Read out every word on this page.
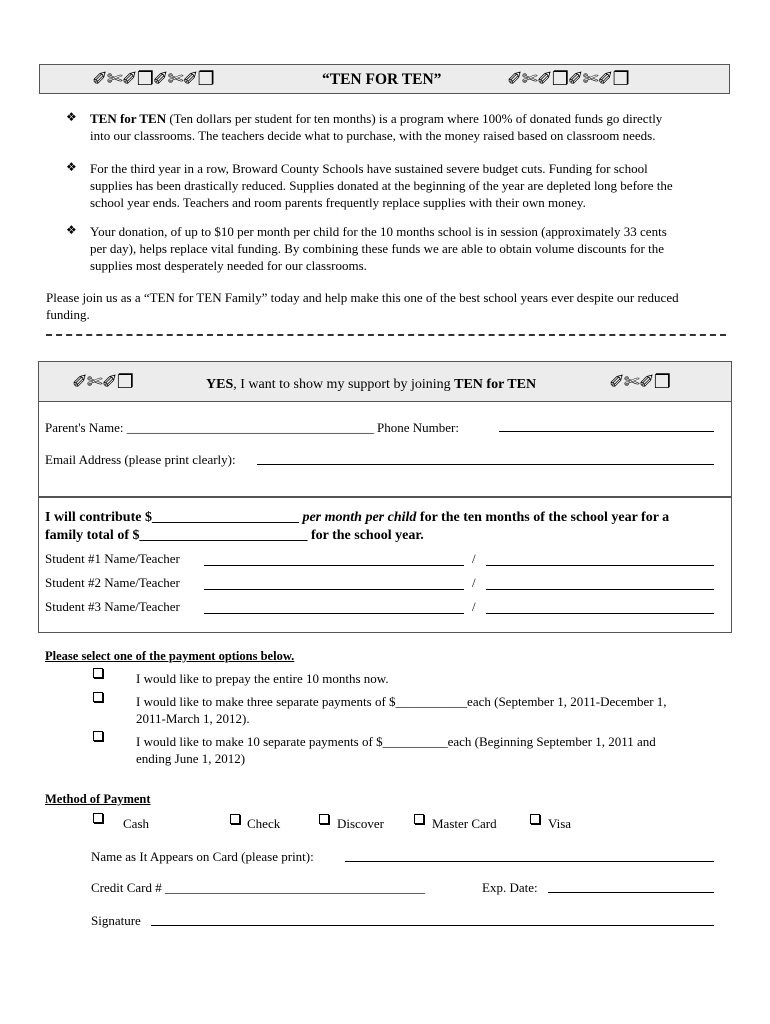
✐✄✐❐✐✄✐❐	“TEN FOR TEN”	✐✄✐❐✐✄✐❐
❖ TEN for TEN (Ten dollars per student for ten months) is a program where 100% of donated funds go directly
into our classrooms. The teachers decide what to purchase, with the money raised based on classroom needs.
❖ For the third year in a row, Broward County Schools have sustained severe budget cuts. Funding for school
supplies has been drastically reduced. Supplies donated at the beginning of the year are depleted long before the
school year ends. Teachers and room parents frequently replace supplies with their own money.
❖ Your donation, of up to $10 per month per child for the 10 months school is in session (approximately 33 cents
per day), helps replace vital funding. By combining these funds we are able to obtain volume discounts for the
supplies most desperately needed for our classrooms.
Please join us as a “TEN for TEN Family” today and help make this one of the best school years ever despite our reduced
funding.
✐✄✐❐	YES, I want to show my support by joining TEN for TEN	✐✄✐❐
Parent's Name: ______________________________________ Phone Number:
Email Address (please print clearly):
I will contribute $_____________________ per month per child for the ten months of the school year for a
family total of $________________________ for the school year.
Student #1 Name/Teacher	/
Student #2 Name/Teacher	/
Student #3 Name/Teacher	/
Please select one of the payment options below.
I would like to prepay the entire 10 months now.
I would like to make three separate payments of $___________each (September 1, 2011-December 1,
2011-March 1, 2012).
I would like to make 10 separate payments of $__________each (Beginning September 1, 2011 and
ending June 1, 2012)
Method of Payment
Cash	Check	Discover	Master Card	Visa
Name as It Appears on Card (please print):
Credit Card # ________________________________________	Exp. Date:
Signature
